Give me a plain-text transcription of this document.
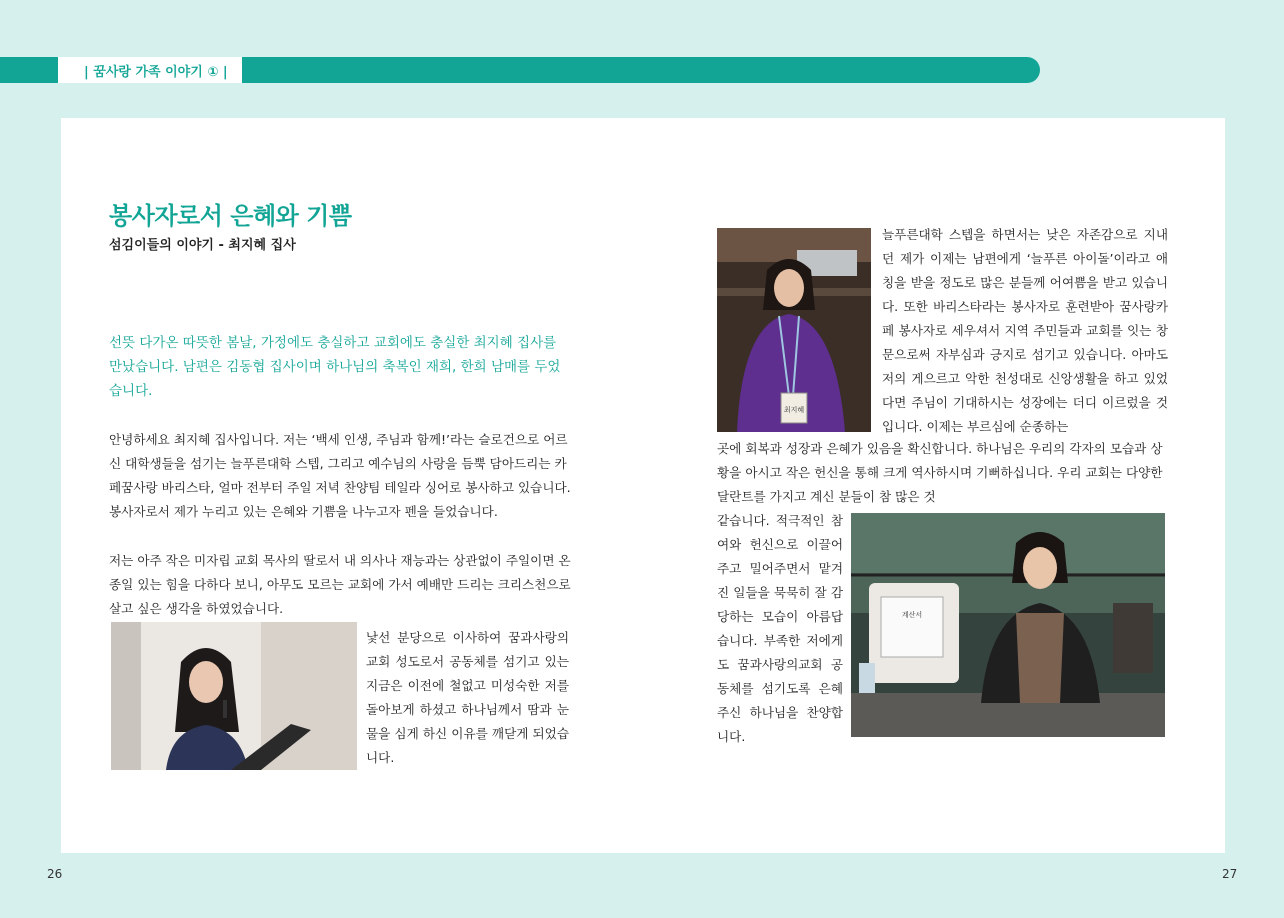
| 꿈사랑 가족 이야기 ① |
봉사자로서 은혜와 기쁨
섬김이들의 이야기 - 최지혜 집사
선뜻 다가온 따뜻한 봄날, 가정에도 충실하고 교회에도 충실한 최지혜 집사를 만났습니다. 남편은 김동협 집사이며 하나님의 축복인 재희, 한희 남매를 두었습니다.
안녕하세요 최지혜 집사입니다. 저는 ‘백세 인생, 주님과 함께!’라는 슬로건으로 어르신 대학생들을 섬기는 늘푸른대학 스텝, 그리고 예수님의 사랑을 듬뿍 담아드리는 카페꿈사랑 바리스타, 얼마 전부터 주일 저녁 찬양팀 테일라 싱어로 봉사하고 있습니다. 봉사자로서 제가 누리고 있는 은혜와 기쁨을 나누고자 펜을 들었습니다.
저는 아주 작은 미자립 교회 목사의 딸로서 내 의사나 재능과는 상관없이 주일이면 온종일 있는 힘을 다하다 보니, 아무도 모르는 교회에 가서 예배만 드리는 크리스천으로 살고 싶은 생각을 하였었습니다.
낯선 분당으로 이사하여 꿈과사랑의교회 성도로서 공동체를 섬기고 있는 지금은 이전에 철없고 미성숙한 저를 돌아보게 하셨고 하나님께서 땀과 눈물을 심게 하신 이유를 깨닫게 되었습니다.
최지혜
늘푸른대학 스텝을 하면서는 낮은 자존감으로 지내던 제가 이제는 남편에게 ‘늘푸른 아이돌’이라고 애칭을 받을 정도로 많은 분들께 어여쁨을 받고 있습니다. 또한 바리스타라는 봉사자로 훈련받아 꿈사랑카페 봉사자로 세우셔서 지역 주민들과 교회를 잇는 창문으로써 자부심과 긍지로 섬기고 있습니다. 아마도 저의 게으르고 악한 천성대로 신앙생활을 하고 있었다면 주님이 기대하시는 성장에는 더디 이르렀을 것입니다. 이제는 부르심에 순종하는
곳에 회복과 성장과 은혜가 있음을 확신합니다. 하나님은 우리의 각자의 모습과 상황을 아시고 작은 헌신을 통해 크게 역사하시며 기뻐하십니다. 우리 교회는 다양한 달란트를 가지고 계신 분들이 참 많은 것
계산서
같습니다. 적극적인 참여와 헌신으로 이끌어 주고 밀어주면서 맡겨진 일들을 묵묵히 잘 감당하는 모습이 아름답습니다. 부족한 저에게도 꿈과사랑의교회 공동체를 섬기도록 은혜주신 하나님을 찬양합니다.
26	27
